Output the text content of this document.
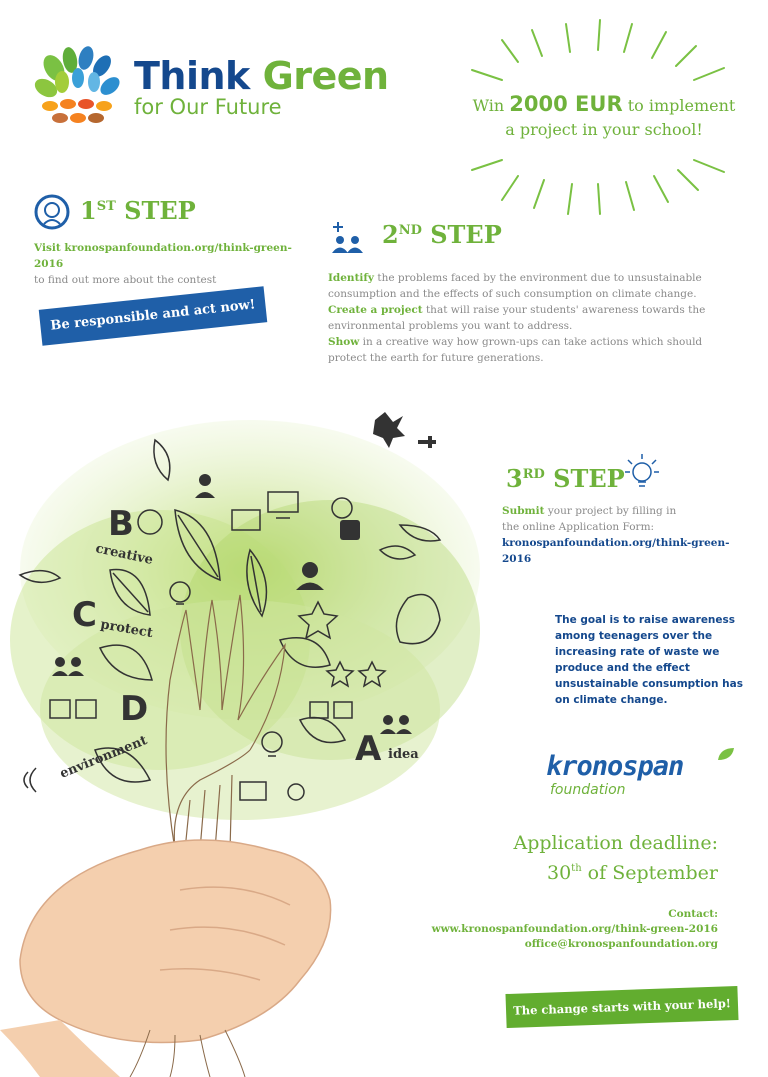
Think Green
for Our Future	Win 2000 EUR to implement
a project in your school!
1ST STEP
Visit kronospanfoundation.org/think-green-2016
to find out more about the contest
Be responsible and act now!
2ND STEP
Identify the problems faced by the environment due to unsustainable consumption and the effects of such consumption on climate change.
Create a project that will raise your students' awareness towards the environmental problems you want to address.
Show in a creative way how grown-ups can take actions which should protect the earth for future generations.
B
C
D
A
creative
protect
environment	idea
3RD STEP
Submit your project by filling in
the online Application Form:
kronospanfoundation.org/think-green-2016
The goal is to raise awareness among teenagers over the increasing rate of waste we produce and the effect unsustainable consumption has on climate change.
kronospan
foundation
Application deadline:
30th of September
Contact:
www.kronospanfoundation.org/think-green-2016
office@kronospanfoundation.org
The change starts with your help!
